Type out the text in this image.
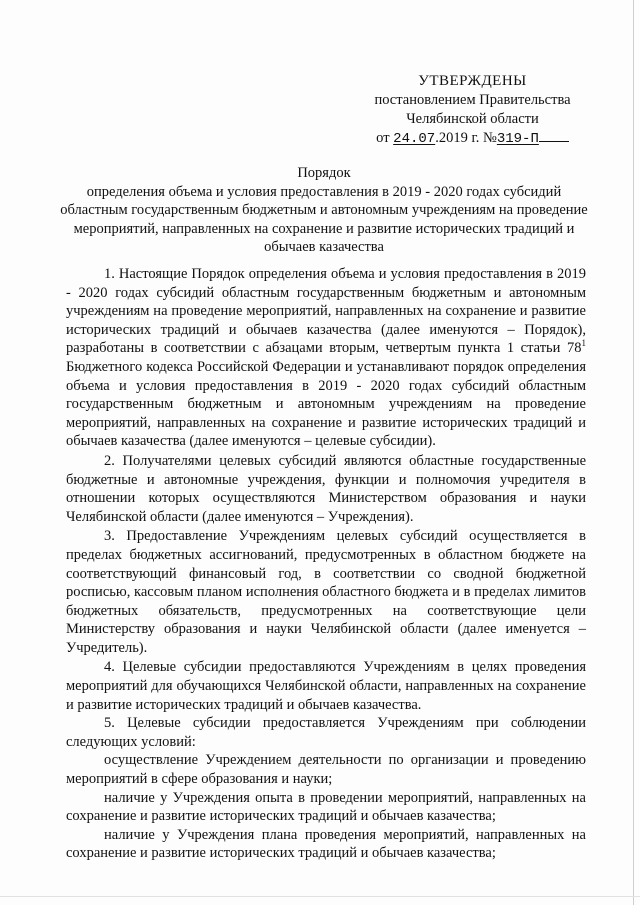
УТВЕРЖДЕНЫ
постановлением Правительства
Челябинской области
от 24.07.2019 г. №319-П
Порядок
определения объема и условия предоставления в 2019 - 2020 годах субсидий областным государственным бюджетным и автономным учреждениям на проведение мероприятий, направленных на сохранение и развитие исторических традиций и обычаев казачества

1. Настоящие Порядок определения объема и условия предоставления в 2019 - 2020 годах субсидий областным государственным бюджетным и автономным учреждениям на проведение мероприятий, направленных на сохранение и развитие исторических традиций и обычаев казачества (далее именуются – Порядок), разработаны в соответствии с абзацами вторым, четвертым пункта 1 статьи $78^1$ Бюджетного кодекса Российской Федерации и устанавливают порядок определения объема и условия предоставления в 2019 - 2020 годах субсидий областным государственным бюджетным и автономным учреждениям на проведение мероприятий, направленных на сохранение и развитие исторических традиций и обычаев казачества (далее именуются – целевые субсидии).

2. Получателями целевых субсидий являются областные государственные бюджетные и автономные учреждения, функции и полномочия учредителя в отношении которых осуществляются Министерством образования и науки Челябинской области (далее именуются – Учреждения).

3. Предоставление Учреждениям целевых субсидий осуществляется в пределах бюджетных ассигнований, предусмотренных в областном бюджете на соответствующий финансовый год, в соответствии со сводной бюджетной росписью, кассовым планом исполнения областного бюджета и в пределах лимитов бюджетных обязательств, предусмотренных на соответствующие цели Министерству образования и науки Челябинской области (далее именуется – Учредитель).

4. Целевые субсидии предоставляются Учреждениям в целях проведения мероприятий для обучающихся Челябинской области, направленных на сохранение и развитие исторических традиций и обычаев казачества.

5. Целевые субсидии предоставляется Учреждениям при соблюдении следующих условий:

осуществление Учреждением деятельности по организации и проведению мероприятий в сфере образования и науки;

наличие у Учреждения опыта в проведении мероприятий, направленных на сохранение и развитие исторических традиций и обычаев казачества;

наличие у Учреждения плана проведения мероприятий, направленных на сохранение и развитие исторических традиций и обычаев казачества;
